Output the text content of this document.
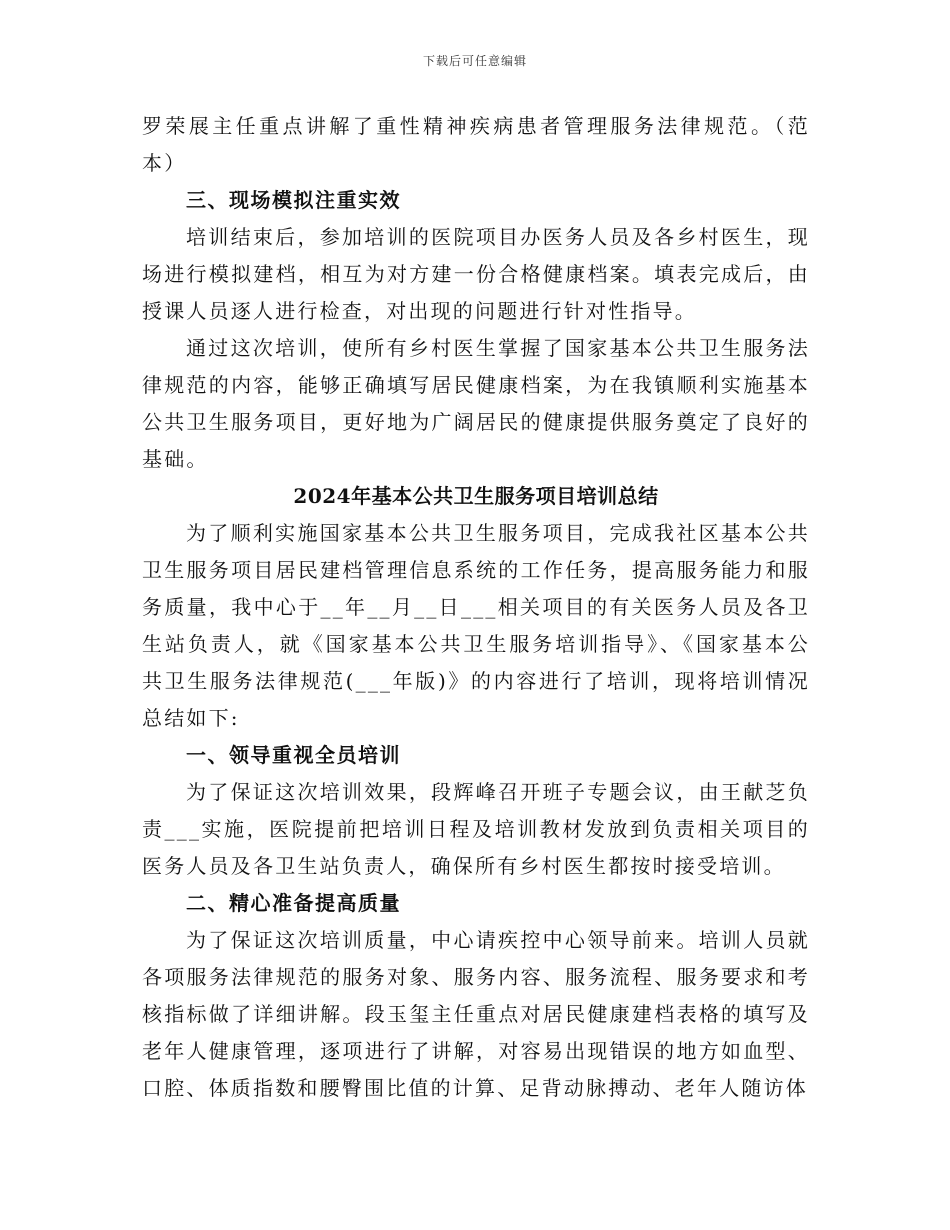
下载后可任意编辑

罗荣展主任重点讲解了重性精神疾病患者管理服务法律规范。（范本）

三、现场模拟注重实效

培训结束后，参加培训的医院项目办医务人员及各乡村医生，现场进行模拟建档，相互为对方建一份合格健康档案。填表完成后，由授课人员逐人进行检查，对出现的问题进行针对性指导。

通过这次培训，使所有乡村医生掌握了国家基本公共卫生服务法律规范的内容，能够正确填写居民健康档案，为在我镇顺利实施基本公共卫生服务项目，更好地为广阔居民的健康提供服务奠定了良好的基础。

2024年基本公共卫生服务项目培训总结

为了顺利实施国家基本公共卫生服务项目，完成我社区基本公共卫生服务项目居民建档管理信息系统的工作任务，提高服务能力和服务质量，我中心于__年__月__日___相关项目的有关医务人员及各卫生站负责人，就《国家基本公共卫生服务培训指导》、《国家基本公共卫生服务法律规范(___年版)》的内容进行了培训，现将培训情况总结如下:

一、领导重视全员培训

为了保证这次培训效果，段辉峰召开班子专题会议，由王献芝负责___实施，医院提前把培训日程及培训教材发放到负责相关项目的医务人员及各卫生站负责人，确保所有乡村医生都按时接受培训。

二、精心准备提高质量

为了保证这次培训质量，中心请疾控中心领导前来。培训人员就各项服务法律规范的服务对象、服务内容、服务流程、服务要求和考核指标做了详细讲解。段玉玺主任重点对居民健康建档表格的填写及老年人健康管理，逐项进行了讲解，对容易出现错误的地方如血型、口腔、体质指数和腰臀围比值的计算、足背动脉搏动、老年人随访体
